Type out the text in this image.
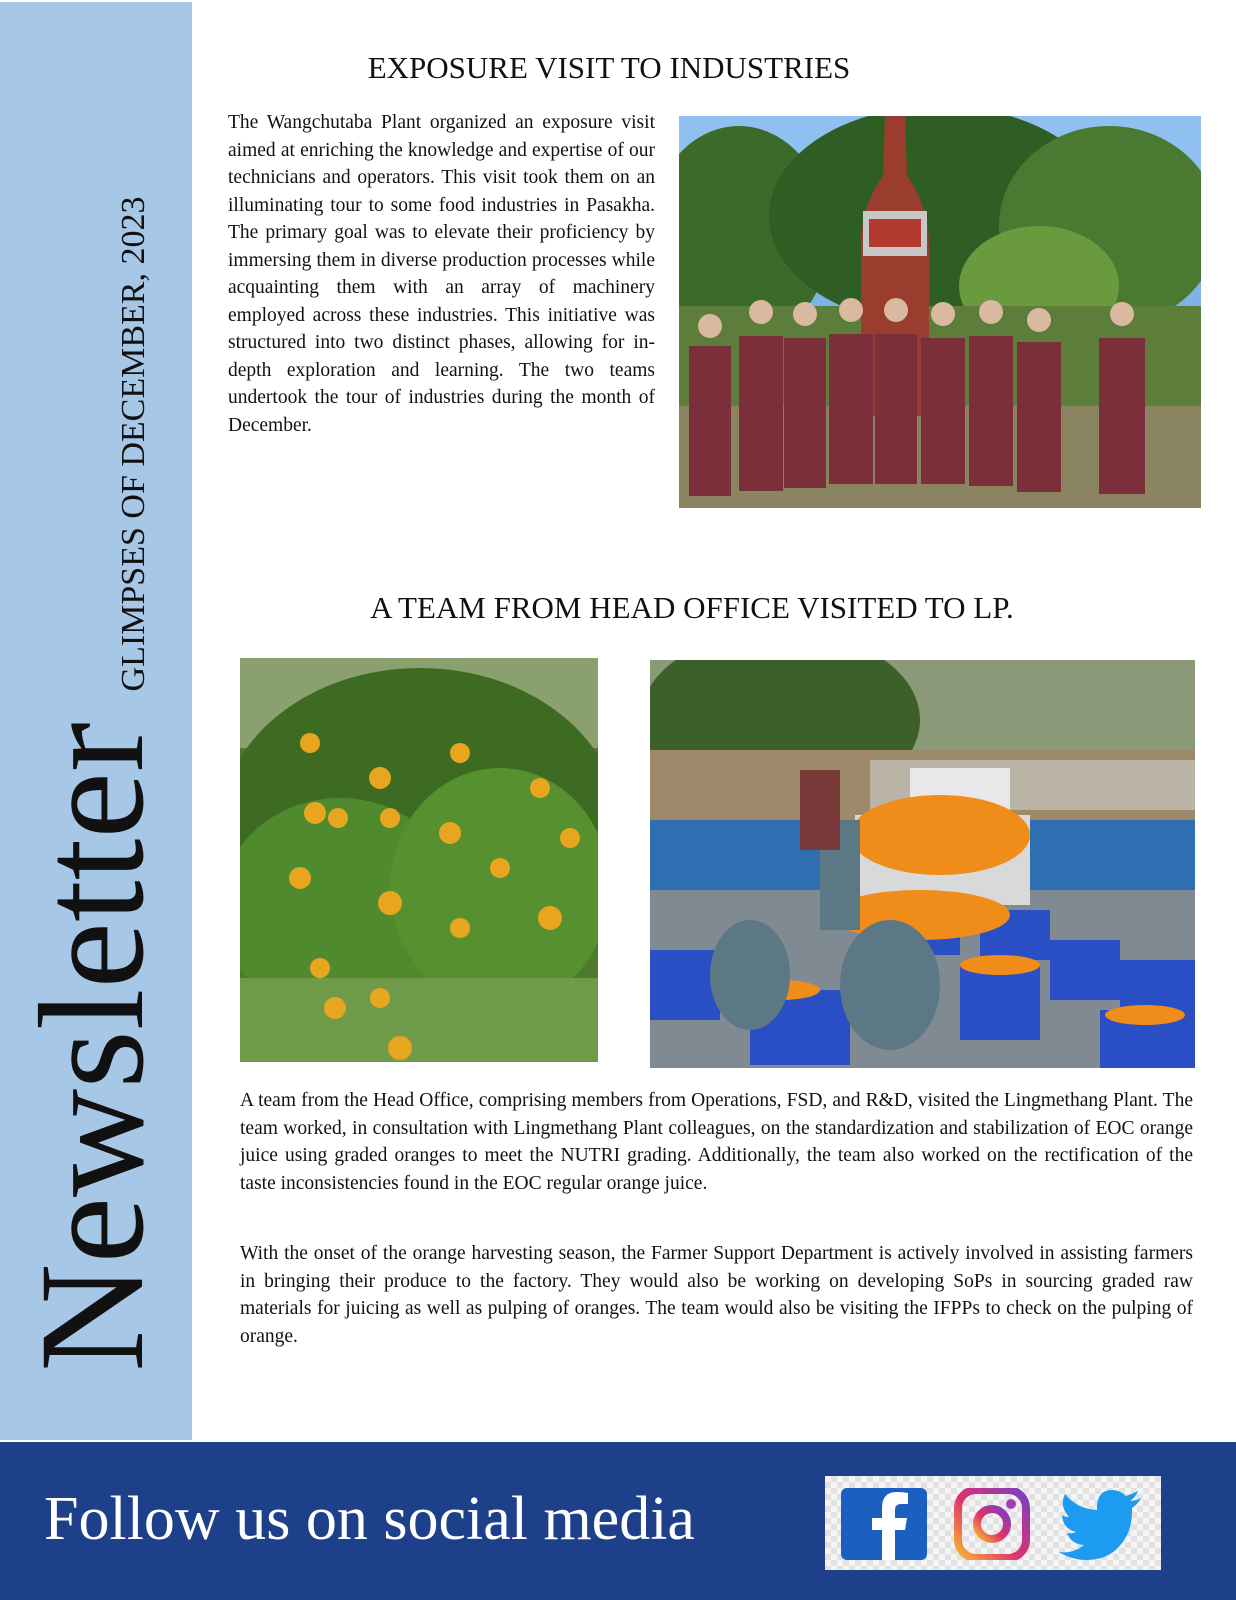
Newsletter
GLIMPSES OF DECEMBER, 2023
EXPOSURE VISIT TO INDUSTRIES

The Wangchutaba Plant organized an exposure visit aimed at enriching the knowledge and expertise of our technicians and operators. This visit took them on an illuminating tour to some food industries in Pasakha. The primary goal was to elevate their proficiency by immersing them in diverse production processes while acquainting them with an array of machinery employed across these industries. This initiative was structured into two distinct phases, allowing for in-depth exploration and learning. The two teams undertook the tour of industries during the month of December.

A TEAM FROM HEAD OFFICE VISITED TO LP.

A team from the Head Office, comprising members from Operations, FSD, and R&D, visited the Lingmethang Plant. The team worked, in consultation with Lingmethang Plant colleagues, on the standardization and stabilization of EOC orange juice using graded oranges to meet the NUTRI grading. Additionally, the team also worked on the rectification of the taste inconsistencies found in the EOC regular orange juice.

With the onset of the orange harvesting season, the Farmer Support Department is actively involved in assisting farmers in bringing their produce to the factory. They would also be working on developing SoPs in sourcing graded raw materials for juicing as well as pulping of oranges. The team would also be visiting the IFPPs to check on the pulping of orange.

Follow us on social media
